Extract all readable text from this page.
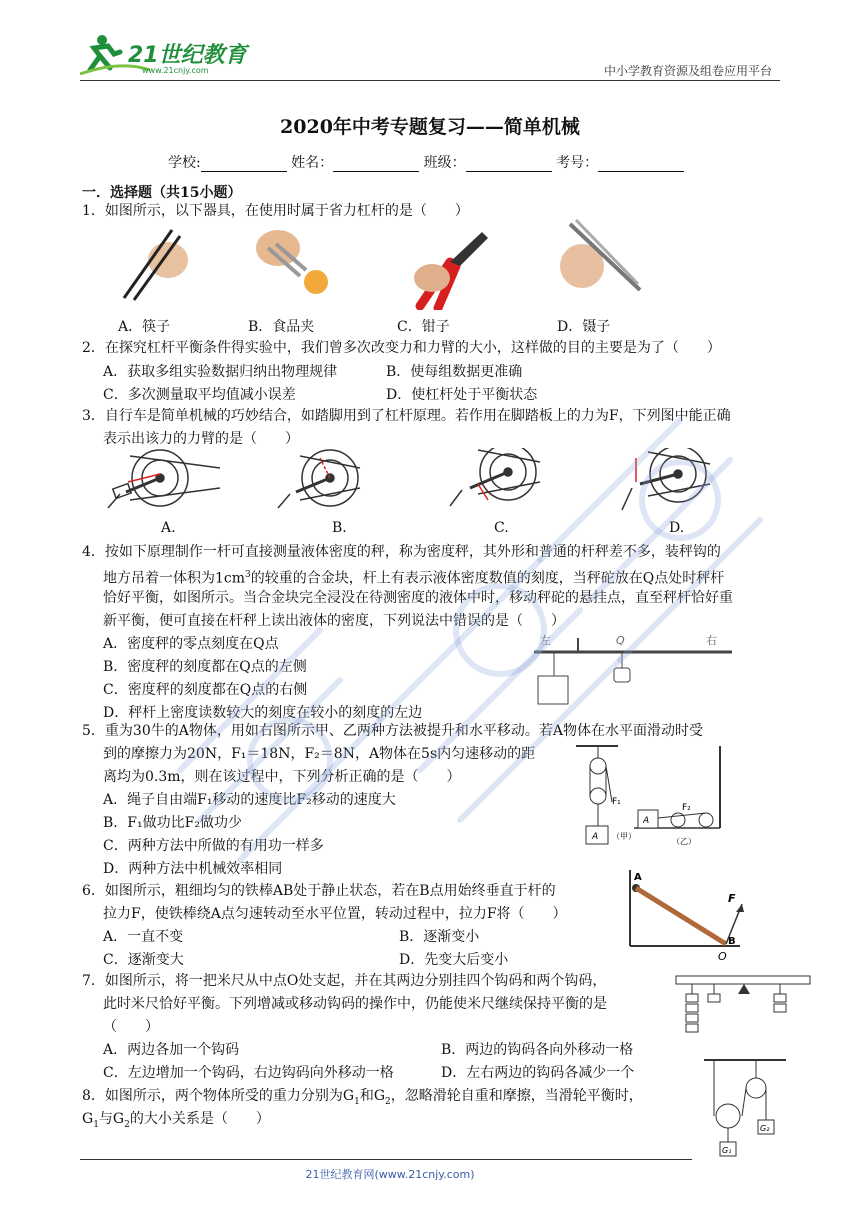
21世纪教育
www.21cnjy.com	中小学教育资源及组卷应用平台
2020年中考专题复习——简单机械
学校:	姓名：	班级：	考号：
一．选择题（共15小题）
1．如图所示，以下器具，在使用时属于省力杠杆的是（　　）
A．筷子	B．食品夹	C．钳子	D．镊子
2．在探究杠杆平衡条件得实验中，我们曾多次改变力和力臂的大小，这样做的目的主要是为了（　　）
A．获取多组实验数据归纳出物理规律	B．使每组数据更准确
C．多次测量取平均值减小误差	D．使杠杆处于平衡状态
3．自行车是简单机械的巧妙结合，如踏脚用到了杠杆原理。若作用在脚踏板上的力为F，下列图中能正确
表示出该力的力臂的是（　　）
A.	B.	C.	D.
4．按如下原理制作一杆可直接测量液体密度的秤，称为密度秤，其外形和普通的杆秤差不多，装秤钩的
地方吊着一体积为$1cm^3$的较重的合金块，杆上有表示液体密度数值的刻度，当秤砣放在Q点处时秤杆
恰好平衡，如图所示。当合金块完全浸没在待测密度的液体中时，移动秤砣的悬挂点，直至秤杆恰好重
新平衡，便可直接在杆秤上读出液体的密度，下列说法中错误的是（　　）
A．密度秤的零点刻度在Q点
B．密度秤的刻度都在Q点的左侧
C．密度秤的刻度都在Q点的右侧
D．秤杆上密度读数较大的刻度在较小的刻度的左边
左	Q	右
5．重为30牛的A物体，用如右图所示甲、乙两种方法被提升和水平移动。若A物体在水平面滑动时受
到的摩擦力为20N，F₁＝18N，F₂＝8N，A物体在5s内匀速移动的距
离均为0.3m，则在该过程中，下列分析正确的是（　　）
A．绳子自由端F₁移动的速度比F₂移动的速度大
B．F₁做功比F₂做功少
C．两种方法中所做的有用功一样多
D．两种方法中机械效率相同
F₁
A （甲）
A
F₂
（乙）
6．如图所示，粗细均匀的铁棒AB处于静止状态，若在B点用始终垂直于杆的
拉力F，使铁棒绕A点匀速转动至水平位置，转动过程中，拉力F将（　　）
A．一直不变	B．逐渐变小
C．逐渐变大	D．先变大后变小
A
B
F
O
7．如图所示，将一把米尺从中点O处支起，并在其两边分别挂四个钩码和两个钩码，
此时米尺恰好平衡。下列增减或移动钩码的操作中，仍能使米尺继续保持平衡的是
（　　）
A．两边各加一个钩码	B．两边的钩码各向外移动一格
C．左边增加一个钩码，右边钩码向外移动一格	D．左右两边的钩码各减少一个
8．如图所示，两个物体所受的重力分别为$G_1$和$G_2$，忽略滑轮自重和摩擦，当滑轮平衡时，
$G_1$与$G_2$的大小关系是（　　）
G₂
G₁
21世纪教育网(www.21cnjy.com)
